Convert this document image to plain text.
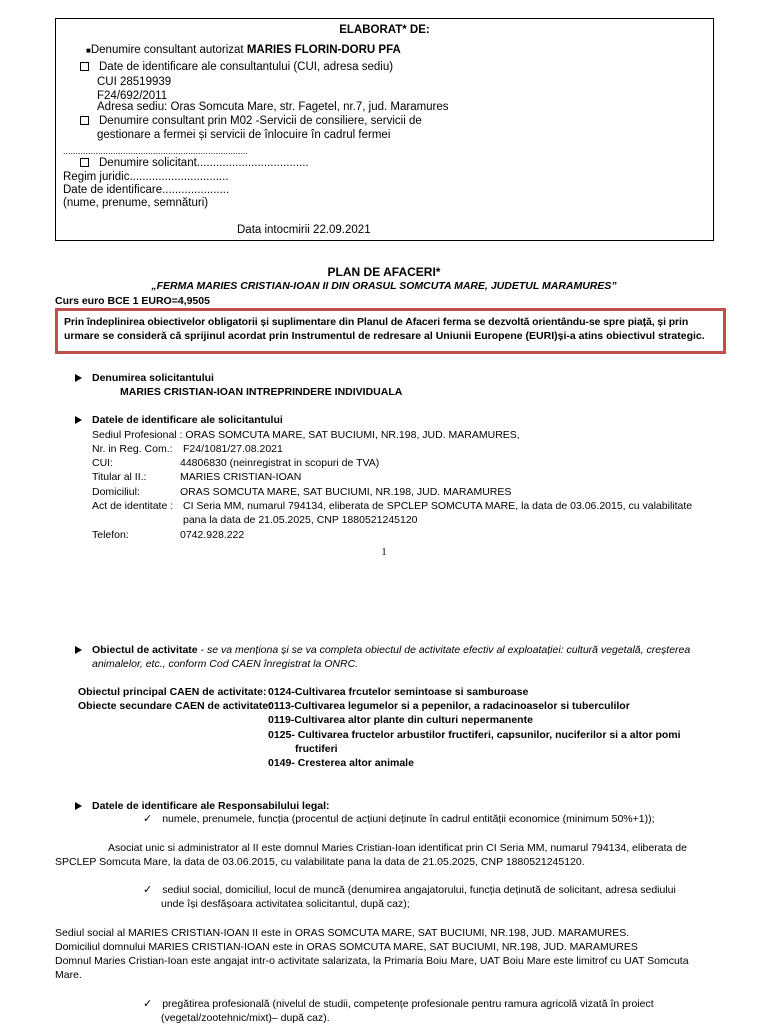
ELABORAT* DE:
■Denumire consultant autorizat MARIES FLORIN-DORU PFA
Date de identificare ale consultantului (CUI, adresa sediu)
CUI 28519939
F24/692/2011
Adresa sediu: Oras Somcuta Mare, str. Fagetel, nr.7, jud. Maramures
Denumire consultant prin M02 -Servicii de consiliere, servicii de
gestionare a fermei și servicii de înlocuire în cadrul fermei
..........................................................................
Denumire solicitant...................................
Regim juridic...............................
Date de identificare.....................
(nume, prenume, semnături)
Data intocmirii 22.09.2021
PLAN DE AFACERI*
„FERMA MARIES CRISTIAN-IOAN II DIN ORASUL SOMCUTA MARE, JUDETUL MARAMURES”
Curs euro BCE 1 EURO=4,9505
Prin îndeplinirea obiectivelor obligatorii și suplimentare din Planul de Afaceri ferma se dezvoltă orientându-se spre piață, și prin
urmare se consideră că sprijinul acordat prin Instrumentul de redresare al Uniunii Europene (EURI)și-a atins obiectivul strategic.
Denumirea solicitantului
MARIES CRISTIAN-IOAN INTREPRINDERE INDIVIDUALA
Datele de identificare ale solicitantului
Sediul Profesional : ORAS SOMCUTA MARE, SAT BUCIUMI, NR.198, JUD. MARAMURES,
Nr. in Reg. Com.: F24/1081/27.08.2021
CUI:	44806830 (neinregistrat in scopuri de TVA)
Titular al II.:	MARIES CRISTIAN-IOAN
Domiciliul:	ORAS SOMCUTA MARE, SAT BUCIUMI, NR.198, JUD. MARAMURES
Act de identitate : CI Seria MM, numarul 794134, eliberata de SPCLEP SOMCUTA MARE, la data de 03.06.2015, cu valabilitate
pana la data de 21.05.2025, CNP 1880521245120
Telefon:	0742.928.222
1
Obiectul de activitate - se va menționa și se va completa obiectul de activitate efectiv al exploatației: cultură vegetală, creșterea
animalelor, etc., conform Cod CAEN înregistrat la ONRC.
Obiectul principal CAEN de activitate: 0124-Cultivarea frcutelor semintoase si samburoase
Obiecte secundare CAEN de activitate:
0113-Cultivarea legumelor si a pepenilor, a radacinoaselor si tuberculilor
0119-Cultivarea altor plante din culturi nepermanente
0125- Cultivarea fructelor arbustilor fructiferi, capsunilor, nuciferilor si a altor pomi
fructiferi
0149- Cresterea altor animale
Datele de identificare ale Responsabilului legal:
✓ numele, prenumele, funcția (procentul de acțiuni deținute în cadrul entității economice (minimum 50%+1));
Asociat unic si administrator al II este domnul Maries Cristian-Ioan identificat prin CI Seria MM, numarul 794134, eliberata de
SPCLEP Somcuta Mare, la data de 03.06.2015, cu valabilitate pana la data de 21.05.2025, CNP 1880521245120.
✓ sediul social, domiciliul, locul de muncă (denumirea angajatorului, funcția deținută de solicitant, adresa sediului
unde își desfășoara activitatea solicitantul, după caz);
Sediul social al MARIES CRISTIAN-IOAN II este in ORAS SOMCUTA MARE, SAT BUCIUMI, NR.198, JUD. MARAMURES.
Domiciliul domnului MARIES CRISTIAN-IOAN este in ORAS SOMCUTA MARE, SAT BUCIUMI, NR.198, JUD. MARAMURES
Domnul Maries Cristian-Ioan este angajat intr-o activitate salarizata, la Primaria Boiu Mare, UAT Boiu Mare este limitrof cu UAT Somcuta
Mare.
✓ pregătirea profesională (nivelul de studii, competențe profesionale pentru ramura agricolă vizată în proiect
(vegetal/zootehnic/mixt)– după caz).
